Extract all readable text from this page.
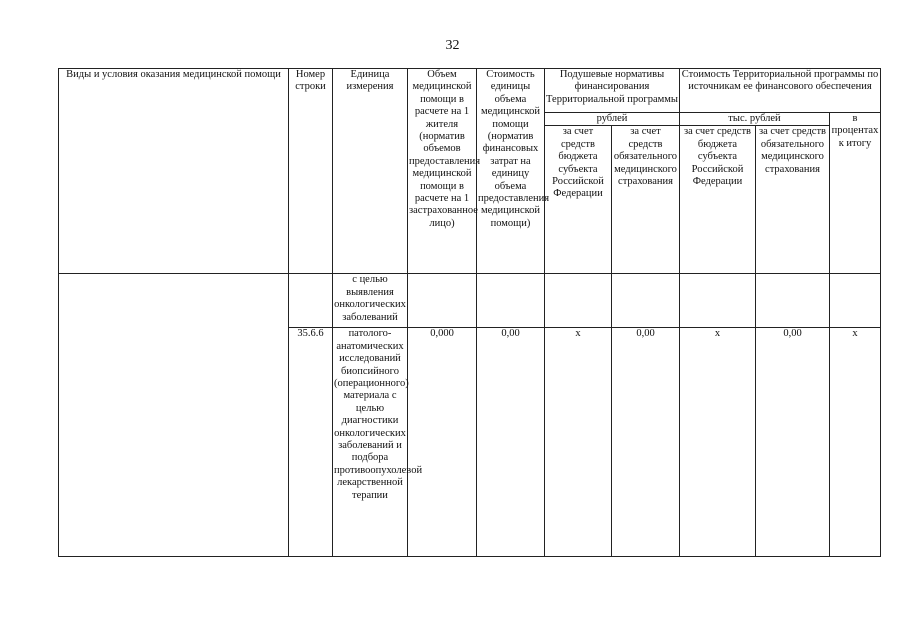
32
Виды и условия оказания медицинской помощи	Номер строки	Единица измерения	Объем медицинской помощи в расчете на 1 жителя (норматив объемов предоставления медицинской помощи в расчете на 1 застрахованное лицо)	Стоимость единицы объема медицинской помощи (норматив финансовых затрат на единицу объема предоставления медицинской помощи)	Подушевые нормативы финансирования Территориальной программы		Стоимость Территориальной программы по источникам ее финансового обеспечения		
					рублей		тыс. рублей		в процентах к итогу
					за счет средств бюджета субъекта Российской Федерации	за счет средств обязательного медицинского страхования	за счет средств бюджета субъекта Российской Федерации	за счет средств обязательного медицинского страхования	
		с целью выявления онкологических заболеваний							
	35.6.6	патолого-анатомических исследований биопсийного (операционного) материала с целью диагностики онкологических заболеваний и подбора противоопухолевой лекарственной терапии	0,000	0,00	х	0,00	х	0,00	х
